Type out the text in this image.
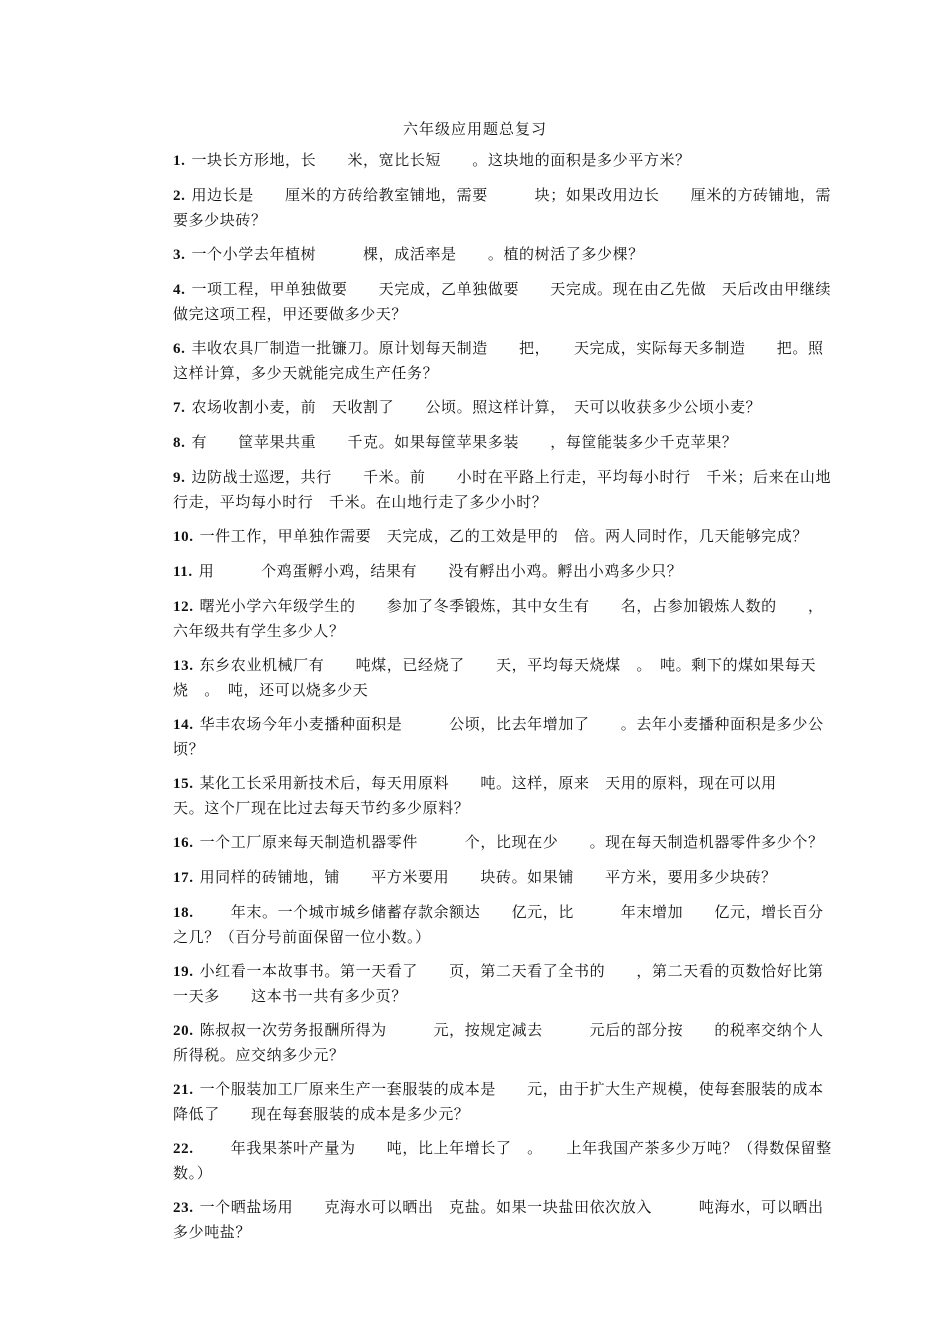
六年级应用题总复习
1. 一块长方形地，长　　米，宽比长短　　。这块地的面积是多少平方米？
2. 用边长是　　厘米的方砖给教室铺地，需要　　　块；如果改用边长　　厘米的方砖铺地，需要多少块砖？
3. 一个小学去年植树　　　棵，成活率是　　。植的树活了多少棵？
4. 一项工程，甲单独做要　　天完成，乙单独做要　　天完成。现在由乙先做　天后改由甲继续做完这项工程，甲还要做多少天？
6. 丰收农具厂制造一批镰刀。原计划每天制造　　把，　　天完成，实际每天多制造　　把。照这样计算，多少天就能完成生产任务？
7. 农场收割小麦，前　天收割了　　公顷。照这样计算，　天可以收获多少公顷小麦？
8. 有　　筐苹果共重　　千克。如果每筐苹果多装　　，每筐能装多少千克苹果？
9. 边防战士巡逻，共行　　千米。前　　小时在平路上行走，平均每小时行　千米；后来在山地行走，平均每小时行　千米。在山地行走了多少小时？
10. 一件工作，甲单独作需要　天完成，乙的工效是甲的　倍。两人同时作，几天能够完成？
11. 用　　　个鸡蛋孵小鸡，结果有　　没有孵出小鸡。孵出小鸡多少只？
12. 曙光小学六年级学生的　　参加了冬季锻炼，其中女生有　　名，占参加锻炼人数的　　，六年级共有学生多少人？
13. 东乡农业机械厂有　　吨煤，已经烧了　　天，平均每天烧煤　。　吨。剩下的煤如果每天烧　。　吨，还可以烧多少天
14. 华丰农场今年小麦播种面积是　　　公顷，比去年增加了　　。去年小麦播种面积是多少公顷？
15. 某化工长采用新技术后，每天用原料　　吨。这样，原来　天用的原料，现在可以用　　天。这个厂现在比过去每天节约多少原料？
16. 一个工厂原来每天制造机器零件　　　个，比现在少　　。现在每天制造机器零件多少个？
17. 用同样的砖铺地，铺　　平方米要用　　块砖。如果铺　　平方米，要用多少块砖？
18.　　年末。一个城市城乡储蓄存款余额达　　亿元，比　　　年末增加　　亿元，增长百分之几？（百分号前面保留一位小数。）
19. 小红看一本故事书。第一天看了　　页，第二天看了全书的　　，第二天看的页数恰好比第一天多　　这本书一共有多少页？
20. 陈叔叔一次劳务报酬所得为　　　元，按规定减去　　　元后的部分按　　的税率交纳个人所得税。应交纳多少元？
21. 一个服装加工厂原来生产一套服装的成本是　　元，由于扩大生产规模，使每套服装的成本降低了　　现在每套服装的成本是多少元？
22.　　年我果茶叶产量为　　吨，比上年增长了　。　　上年我国产茶多少万吨？（得数保留整数。）
23. 一个晒盐场用　　克海水可以晒出　克盐。如果一块盐田依次放入　　　吨海水，可以晒出多少吨盐？
